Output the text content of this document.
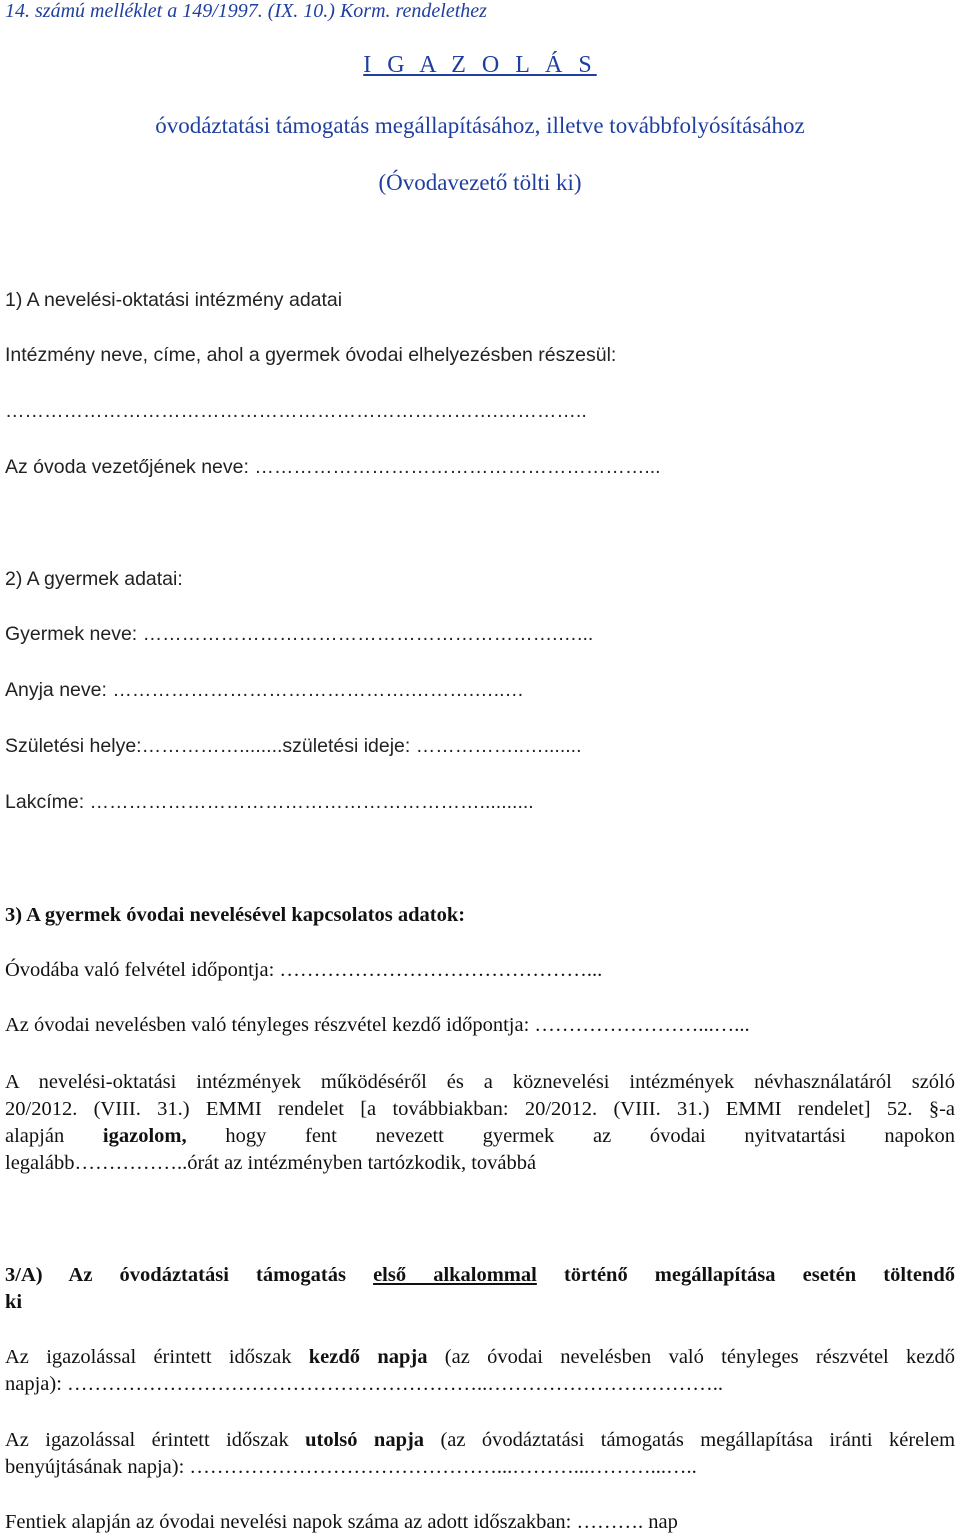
14. számú melléklet a 149/1997. (IX. 10.) Korm. rendelethez
I G A Z O L Á S
óvodáztatási támogatás megállapításához, illetve továbbfolyósításához
(Óvodavezető tölti ki)
1) A nevelési-oktatási intézmény adatai
Intézmény neve, címe, ahol a gyermek óvodai elhelyezésben részesül:
………………………………………………………………….…………..
Az óvoda vezetőjének neve: ……………………………………………………...
2) A gyermek adatai:
Gyermek neve: ……………………………………………………….…...
Anyja neve: ……………………………………….……….…..…
Születési helye:……………........születési ideje: ……………..….......
Lakcíme: ……………………………………………………..........
3) A gyermek óvodai nevelésével kapcsolatos adatok:
Óvodába való felvétel időpontja: ………………………………………...
Az óvodai nevelésben való tényleges részvétel kezdő időpontja: ……………………...…...
A nevelési-oktatási intézmények működéséről és a köznevelési intézmények névhasználatáról szóló
20/2012. (VIII. 31.) EMMI rendelet [a továbbiakban: 20/2012. (VIII. 31.) EMMI rendelet] 52. §-a
alapján igazolom, hogy fent nevezett gyermek az óvodai nyitvatartási napokon
legalább……………..órát az intézményben tartózkodik, továbbá
3/A) Az óvodáztatási támogatás első alkalommal történő megállapítása esetén töltendő
ki
Az igazolással érintett időszak kezdő napja (az óvodai nevelésben való tényleges részvétel kezdő
napja): ……………………………………………………..……………………………..
Az igazolással érintett időszak utolsó napja (az óvodáztatási támogatás megállapítása iránti kérelem
benyújtásának napja): ………………………………………...………...………...…..
Fentiek alapján az óvodai nevelési napok száma az adott időszakban: ………. nap
